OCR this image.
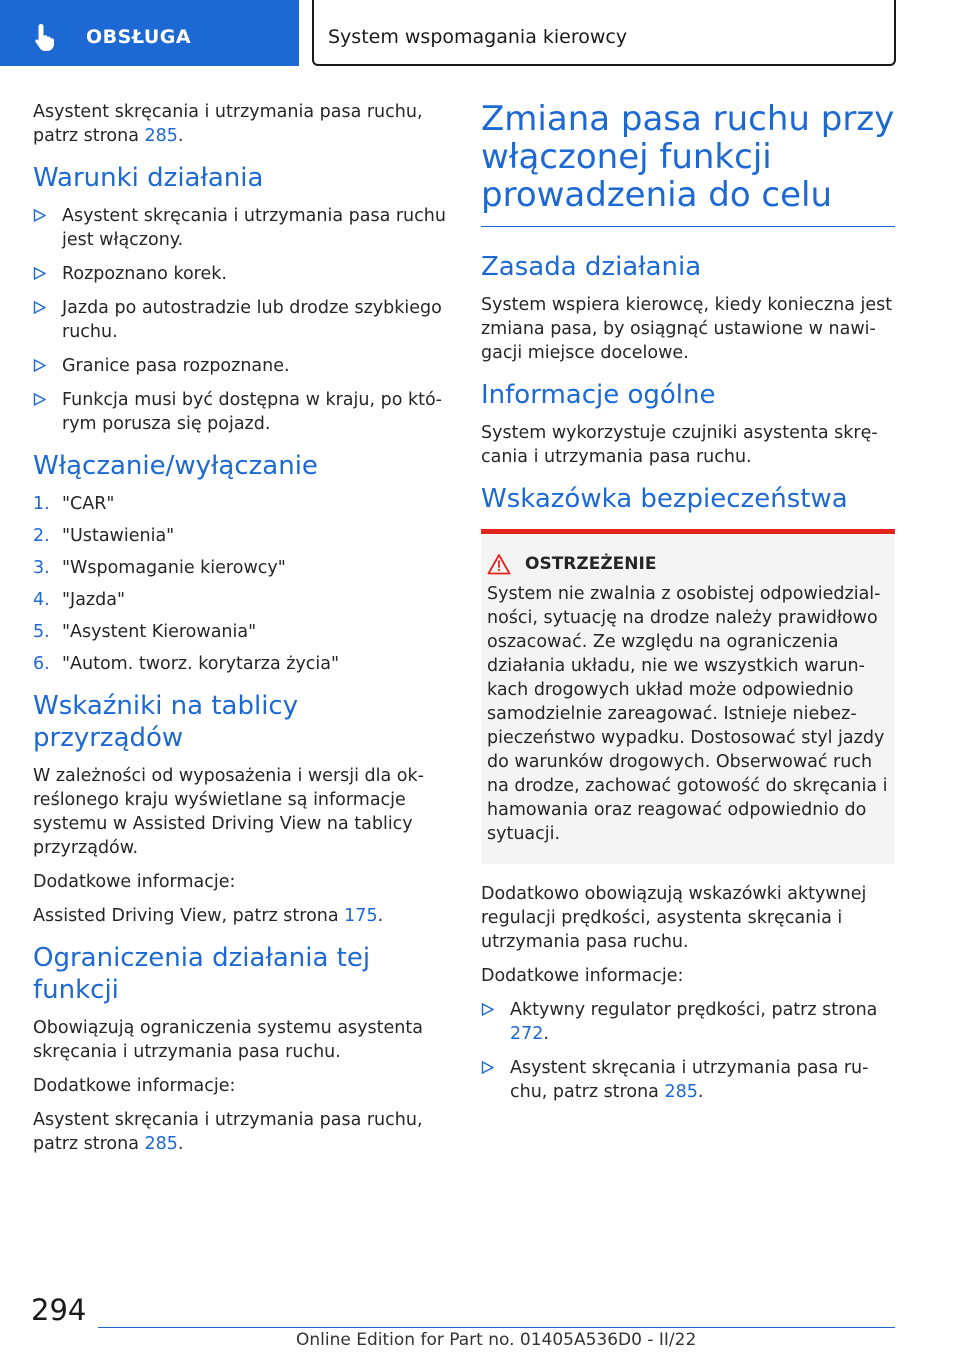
OBSŁUGA	System wspomagania kierowcy

Asystent skręcania i utrzymania pasa ruchu, patrz strona 285.

Warunki działania
Asystent skręcania i utrzymania pasa ruchu jest włączony.
Rozpoznano korek.
Jazda po autostradzie lub drodze szybkiego ruchu.
Granice pasa rozpoznane.
Funkcja musi być dostępna w kraju, po którym porusza się pojazd.
Włączanie/wyłączanie
1. "CAR"
2. "Ustawienia"
3. "Wspomaganie kierowcy"
4. "Jazda"
5. "Asystent Kierowania"
6. "Autom. tworz. korytarza życia"
Wskaźniki na tablicy przyrządów

W zależności od wyposażenia i wersji dla określonego kraju wyświetlane są informacje systemu w Assisted Driving View na tablicy przyrządów.

Dodatkowe informacje:

Assisted Driving View, patrz strona 175.

Ograniczenia działania tej funkcji

Obowiązują ograniczenia systemu asystenta skręcania i utrzymania pasa ruchu.

Dodatkowe informacje:

Asystent skręcania i utrzymania pasa ruchu, patrz strona 285.

Zmiana pasa ruchu przy włączonej funkcji prowadzenia do celu
Zasada działania

System wspiera kierowcę, kiedy konieczna jest zmiana pasa, by osiągnąć ustawione w nawigacji miejsce docelowe.

Informacje ogólne

System wykorzystuje czujniki asystenta skręcania i utrzymania pasa ruchu.

Wskazówka bezpieczeństwa
OSTRZEŻENIE

System nie zwalnia z osobistej odpowiedzialności, sytuację na drodze należy prawidłowo oszacować. Ze względu na ograniczenia działania układu, nie we wszystkich warunkach drogowych układ może odpowiednio samodzielnie zareagować. Istnieje niebezpieczeństwo wypadku. Dostosować styl jazdy do warunków drogowych. Obserwować ruch na drodze, zachować gotowość do skręcania i hamowania oraz reagować odpowiednio do sytuacji.

Dodatkowo obowiązują wskazówki aktywnej regulacji prędkości, asystenta skręcania i utrzymania pasa ruchu.

Dodatkowe informacje:

Aktywny regulator prędkości, patrz strona 272.
Asystent skręcania i utrzymania pasa ruchu, patrz strona 285.
294
Online Edition for Part no. 01405A536D0 - II/22
